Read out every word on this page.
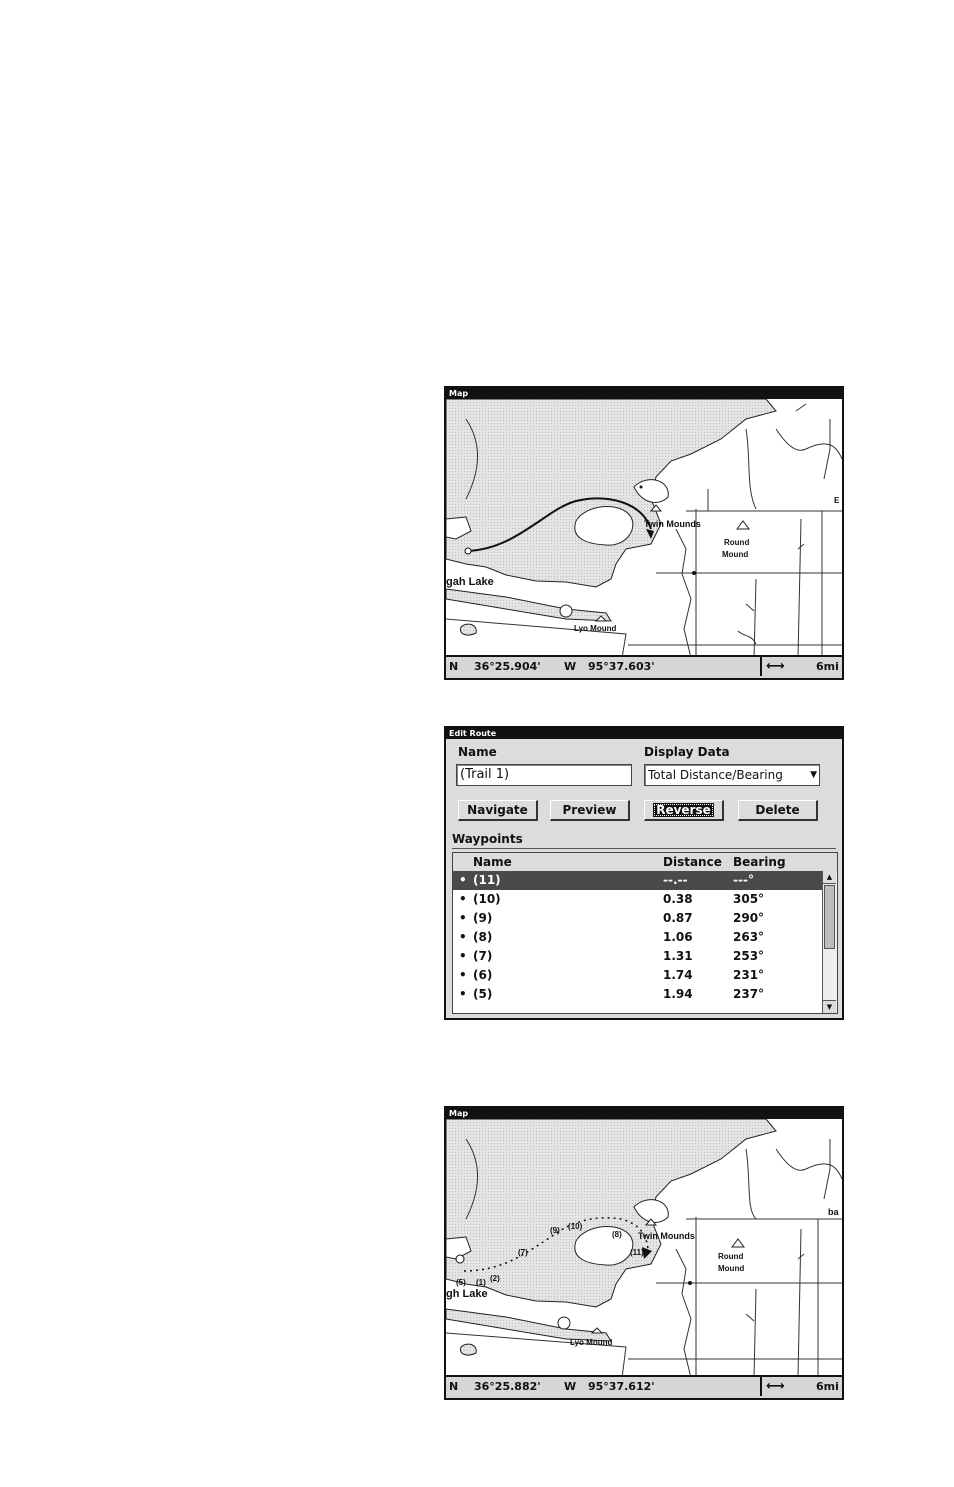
Map
Twin Mounds
Round
Mound
gah Lake
Lyo Mound
E
N 36°25.904' W 95°37.603'	⟷	6mi
Edit Route
Name
(Trail 1)
Display Data
Total Distance/Bearing	▼
Navigate	Preview	Reverse	Delete
Waypoints
Name	Distance Bearing
• (11)	--.--	---°
• (10)	0.38	305°
• (9)	0.87	290°
• (8)	1.06	263°
• (7)	1.31	253°
• (6)	1.74	231°
• (5)	1.94	237°
▲
▼
Map
(10)
(9)	(8)
(7)	(11)
(5) (1) (2)
Twin Mounds
Round
Mound
gh Lake
Lyo Mound
ba
N 36°25.882' W 95°37.612'	⟷	6mi
